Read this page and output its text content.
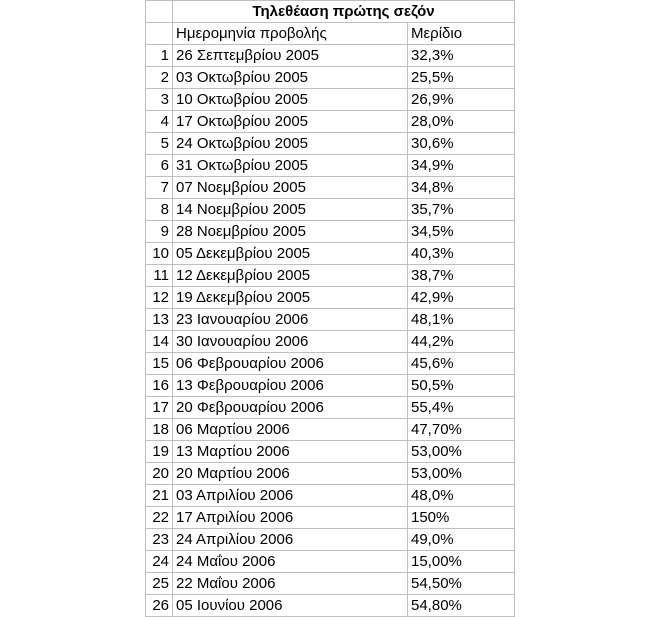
	Τηλεθέαση πρώτης σεζόν	
	Ημερομηνία προβολής	Μερίδιο
1	26 Σεπτεμβρίου 2005	32,3%
2	03 Οκτωβρίου 2005	25,5%
3	10 Οκτωβρίου 2005	26,9%
4	17 Οκτωβρίου 2005	28,0%
5	24 Οκτωβρίου 2005	30,6%
6	31 Οκτωβρίου 2005	34,9%
7	07 Νοεμβρίου 2005	34,8%
8	14 Νοεμβρίου 2005	35,7%
9	28 Νοεμβρίου 2005	34,5%
10	05 Δεκεμβρίου 2005	40,3%
11	12 Δεκεμβρίου 2005	38,7%
12	19 Δεκεμβρίου 2005	42,9%
13	23 Ιανουαρίου 2006	48,1%
14	30 Ιανουαρίου 2006	44,2%
15	06 Φεβρουαρίου 2006	45,6%
16	13 Φεβρουαρίου 2006	50,5%
17	20 Φεβρουαρίου 2006	55,4%
18	06 Μαρτίου 2006	47,70%
19	13 Μαρτίου 2006	53,00%
20	20 Μαρτίου 2006	53,00%
21	03 Απριλίου 2006	48,0%
22	17 Απριλίου 2006	150%
23	24 Απριλίου 2006	49,0%
24	24 Μαΐου 2006	15,00%
25	22 Μαΐου 2006	54,50%
26	05 Ιουνίου 2006	54,80%
